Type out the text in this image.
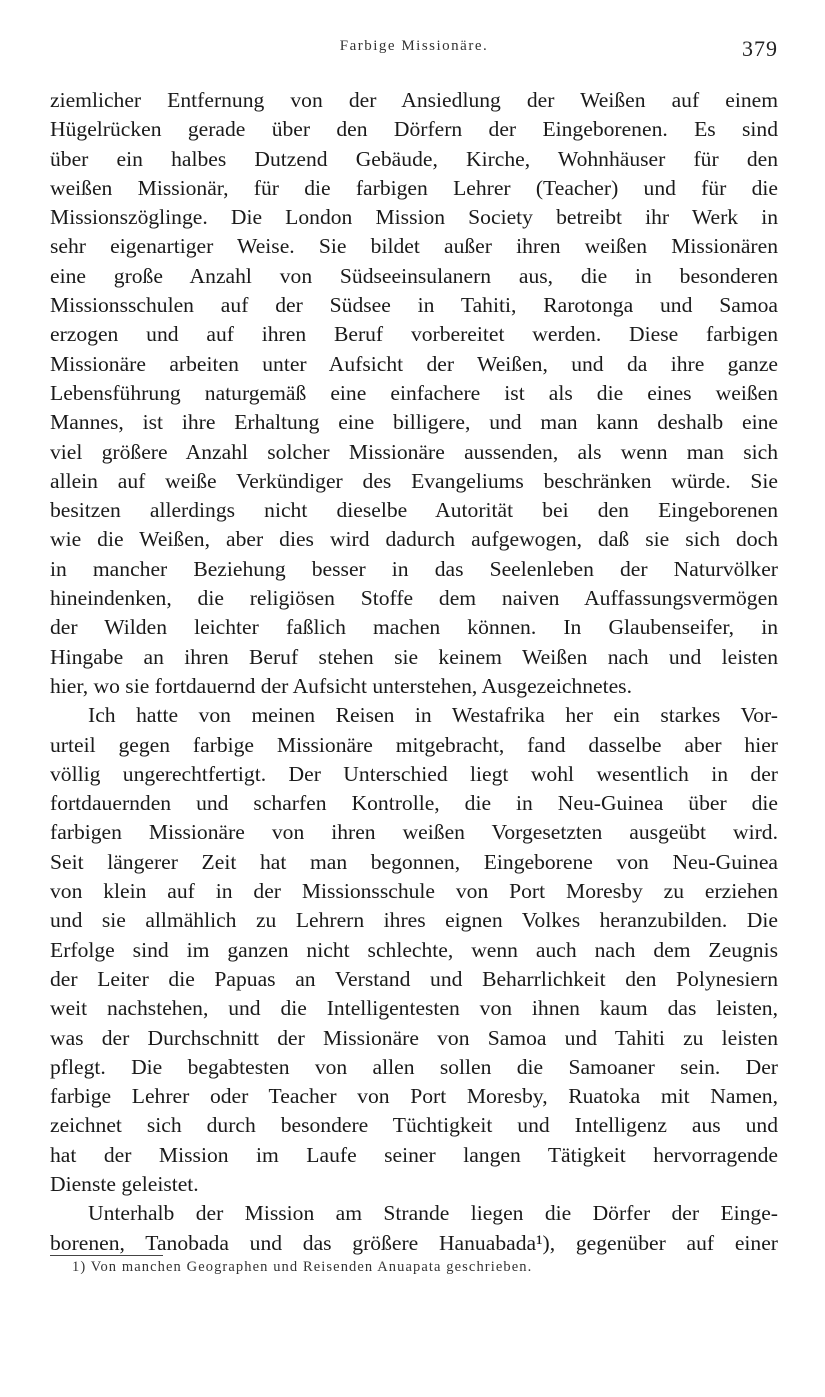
Farbige Missionäre.	379
ziemlicher Entfernung von der Ansiedlung der Weißen auf einem
Hügelrücken gerade über den Dörfern der Eingeborenen. Es sind
über ein halbes Dutzend Gebäude, Kirche, Wohnhäuser für den
weißen Missionär, für die farbigen Lehrer (Teacher) und für die
Missionszöglinge. Die London Mission Society betreibt ihr Werk in
sehr eigenartiger Weise. Sie bildet außer ihren weißen Missionären
eine große Anzahl von Südseeinsulanern aus, die in besonderen
Missionsschulen auf der Südsee in Tahiti, Rarotonga und Samoa
erzogen und auf ihren Beruf vorbereitet werden. Diese farbigen
Missionäre arbeiten unter Aufsicht der Weißen, und da ihre ganze
Lebensführung naturgemäß eine einfachere ist als die eines weißen
Mannes, ist ihre Erhaltung eine billigere, und man kann deshalb eine
viel größere Anzahl solcher Missionäre aussenden, als wenn man sich
allein auf weiße Verkündiger des Evangeliums beschränken würde. Sie
besitzen allerdings nicht dieselbe Autorität bei den Eingeborenen
wie die Weißen, aber dies wird dadurch aufgewogen, daß sie sich doch
in mancher Beziehung besser in das Seelenleben der Naturvölker
hineindenken, die religiösen Stoffe dem naiven Auffassungsvermögen
der Wilden leichter faßlich machen können. In Glaubenseifer, in
Hingabe an ihren Beruf stehen sie keinem Weißen nach und leisten
hier, wo sie fortdauernd der Aufsicht unterstehen, Ausgezeichnetes.
Ich hatte von meinen Reisen in Westafrika her ein starkes Vor-
urteil gegen farbige Missionäre mitgebracht, fand dasselbe aber hier
völlig ungerechtfertigt. Der Unterschied liegt wohl wesentlich in der
fortdauernden und scharfen Kontrolle, die in Neu-Guinea über die
farbigen Missionäre von ihren weißen Vorgesetzten ausgeübt wird.
Seit längerer Zeit hat man begonnen, Eingeborene von Neu-Guinea
von klein auf in der Missionsschule von Port Moresby zu erziehen
und sie allmählich zu Lehrern ihres eignen Volkes heranzubilden. Die
Erfolge sind im ganzen nicht schlechte, wenn auch nach dem Zeugnis
der Leiter die Papuas an Verstand und Beharrlichkeit den Polynesiern
weit nachstehen, und die Intelligentesten von ihnen kaum das leisten,
was der Durchschnitt der Missionäre von Samoa und Tahiti zu leisten
pflegt. Die begabtesten von allen sollen die Samoaner sein. Der
farbige Lehrer oder Teacher von Port Moresby, Ruatoka mit Namen,
zeichnet sich durch besondere Tüchtigkeit und Intelligenz aus und
hat der Mission im Laufe seiner langen Tätigkeit hervorragende
Dienste geleistet.
Unterhalb der Mission am Strande liegen die Dörfer der Einge-
borenen, Tanobada und das größere Hanuabada¹), gegenüber auf einer
1) Von manchen Geographen und Reisenden Anuapata geschrieben.
